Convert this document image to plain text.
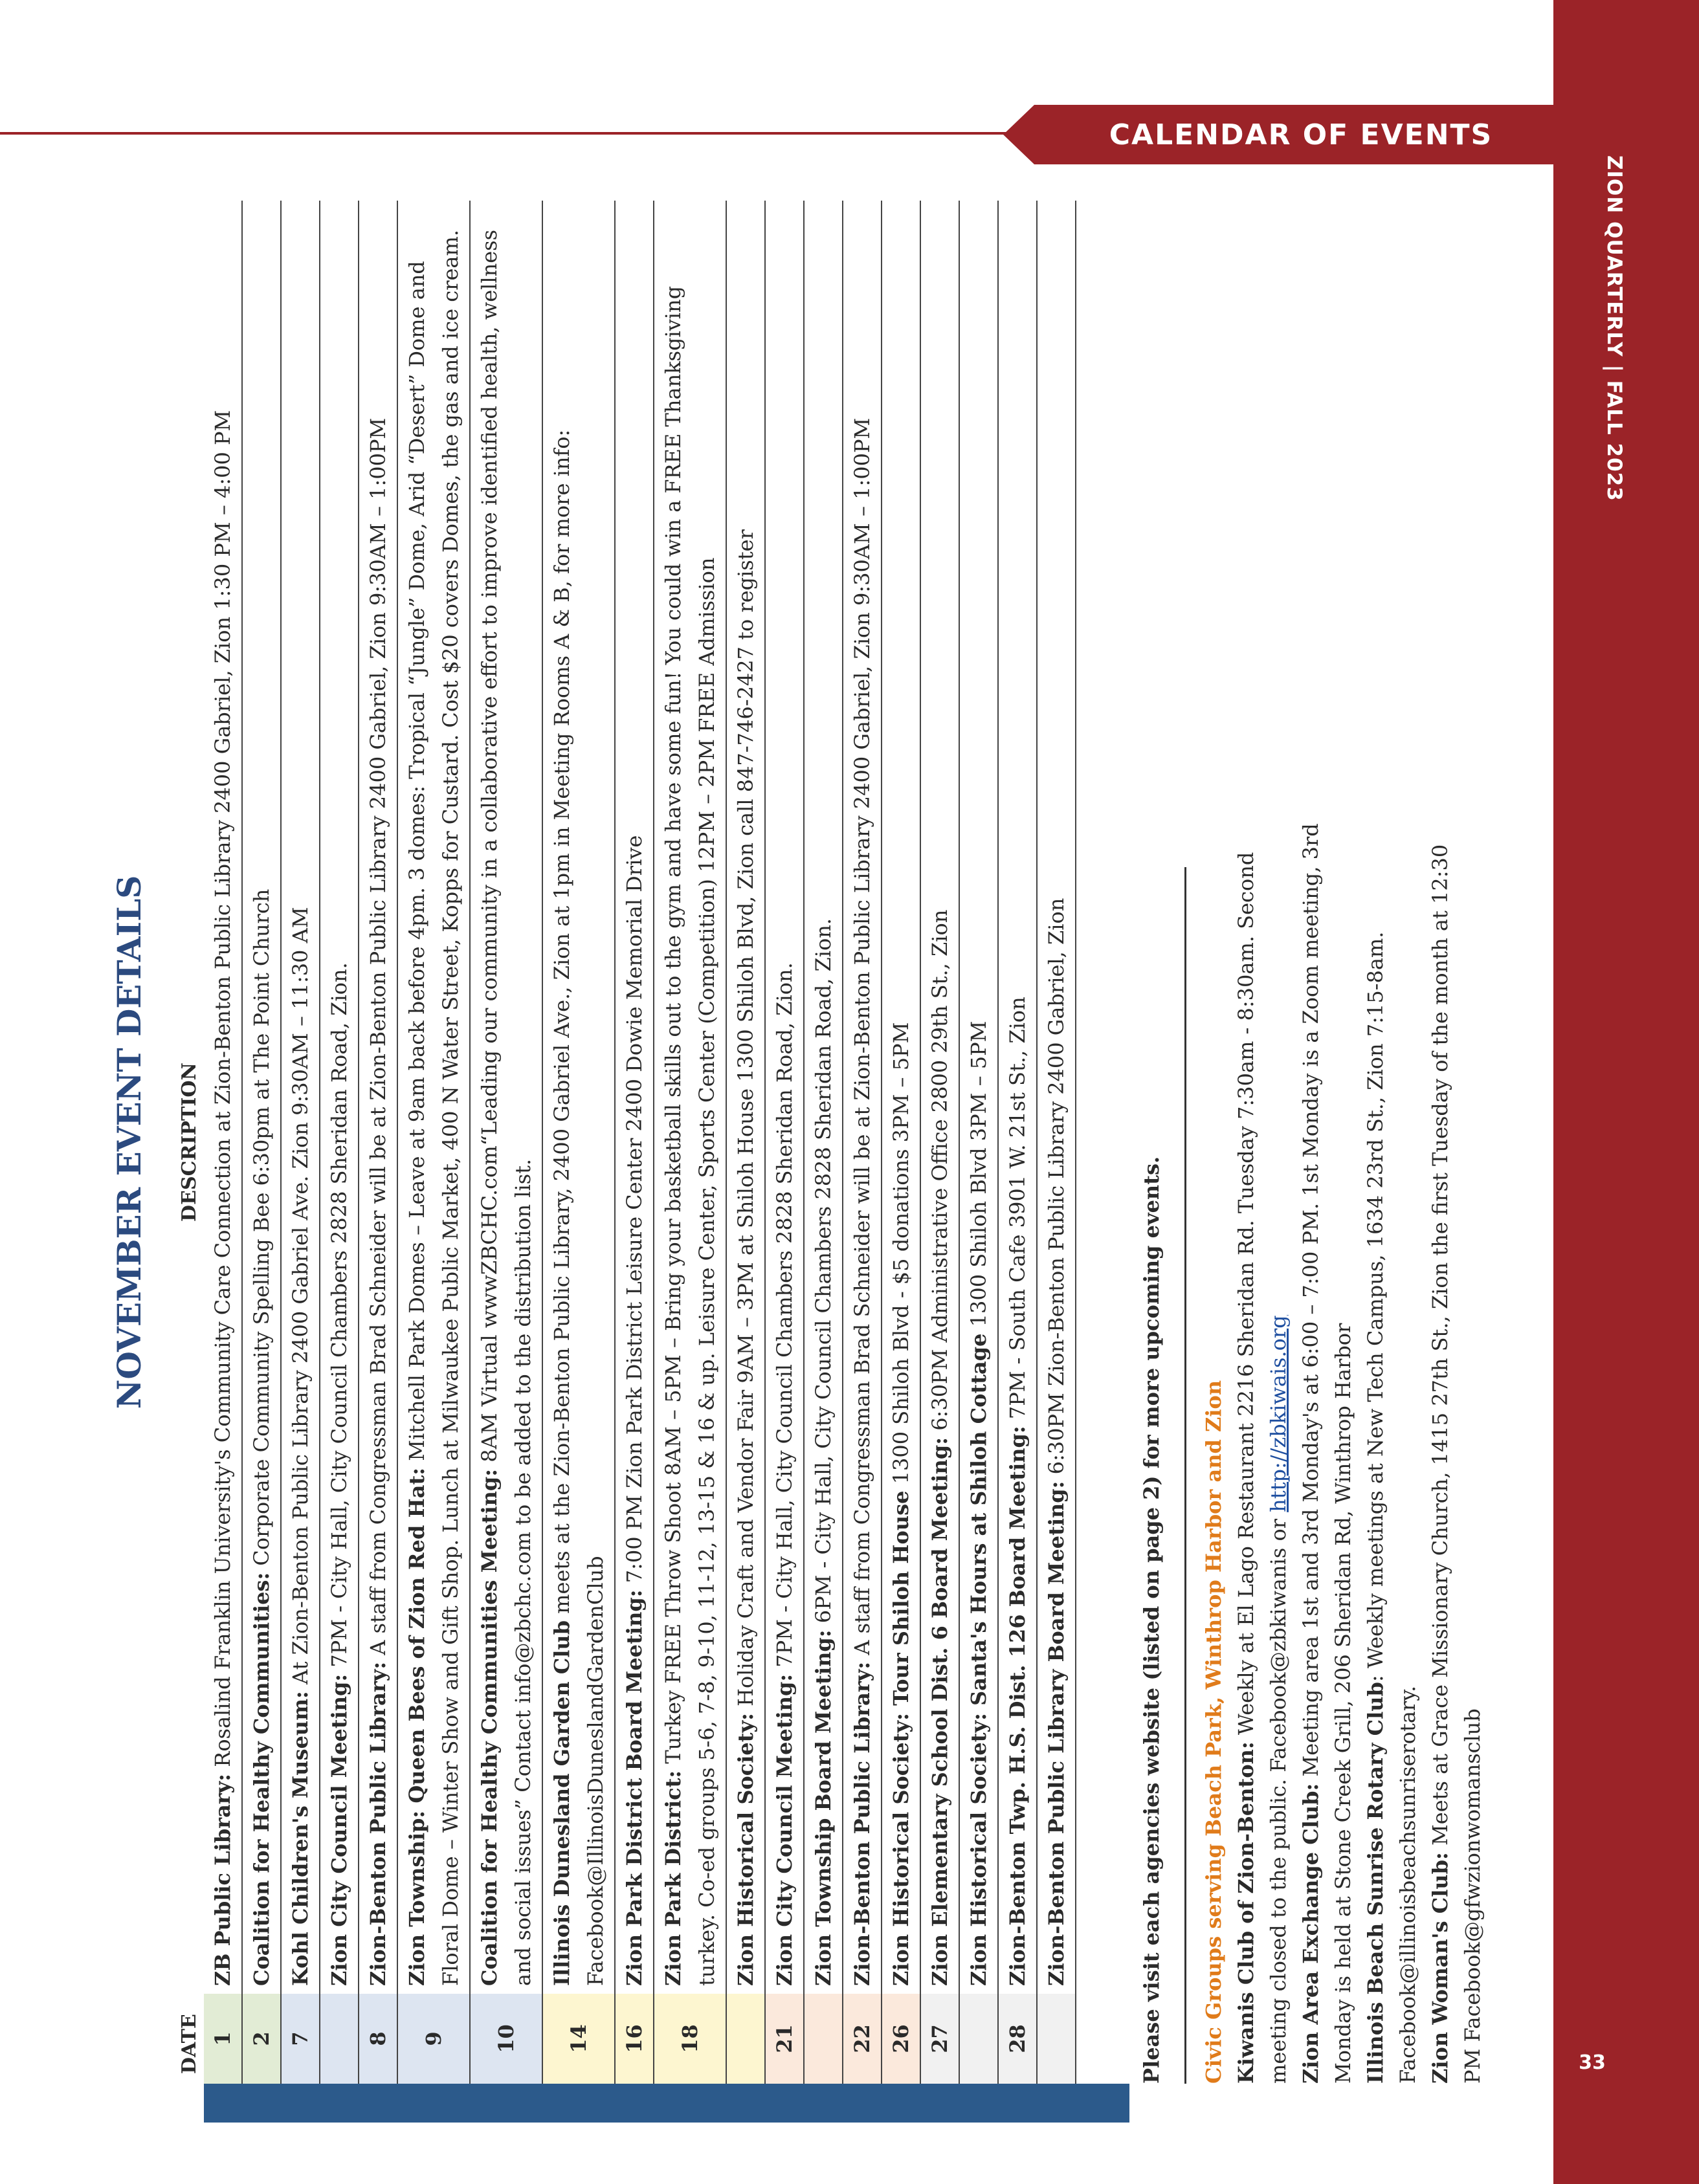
CALENDAR OF EVENTS
ZION QUARTERLY | FALL 2023
33
NOVEMBER EVENT DETAILS
DATE
DESCRIPTION
1	ZB Public Library: Rosalind Franklin University's Community Care Connection at Zion-Benton Public Library 2400 Gabriel, Zion 1:30 PM – 4:00 PM
2	Coalition for Healthy Communities: Corporate Community Spelling Bee 6:30pm at The Point Church
7	Kohl Children's Museum: At Zion-Benton Public Library 2400 Gabriel Ave. Zion 9:30AM – 11:30 AM
	Zion City Council Meeting: 7PM - City Hall, City Council Chambers 2828 Sheridan Road, Zion.
8	Zion-Benton Public Library: A staff from Congressman Brad Schneider will be at Zion-Benton Public Library 2400 Gabriel, Zion 9:30AM – 1:00PM
9	Zion Township: Queen Bees of Zion Red Hat: Mitchell Park Domes – Leave at 9am back before 4pm. 3 domes: Tropical “Jungle” Dome, Arid “Desert” Dome and Floral Dome – Winter Show and Gift Shop. Lunch at Milwaukee Public Market, 400 N Water Street, Kopps for Custard. Cost $20 covers Domes, the gas and ice cream.
10	Coalition for Healthy Communities Meeting: 8AM Virtual wwwZBCHC.com“Leading our community in a collaborative effort to improve identified health, wellness and social issues” Contact info@zbchc.com to be added to the distribution list.
14	Illinois Dunesland Garden Club meets at the Zion-Benton Public Library, 2400 Gabriel Ave., Zion at 1pm in Meeting Rooms A & B, for more info: Facebook@IllinoisDuneslandGardenClub
16	Zion Park District Board Meeting: 7:00 PM Zion Park District Leisure Center 2400 Dowie Memorial Drive
18	Zion Park District: Turkey FREE Throw Shoot 8AM – 5PM – Bring your basketball skills out to the gym and have some fun! You could win a FREE Thanksgiving turkey. Co-ed groups 5-6, 7-8, 9-10, 11-12, 13-15 & 16 & up. Leisure Center, Sports Center (Competition) 12PM – 2PM FREE Admission
	Zion Historical Society: Holiday Craft and Vendor Fair 9AM – 3PM at Shiloh House 1300 Shiloh Blvd, Zion call 847-746-2427 to register
21	Zion City Council Meeting: 7PM - City Hall, City Council Chambers 2828 Sheridan Road, Zion.
	Zion Township Board Meeting: 6PM - City Hall, City Council Chambers 2828 Sheridan Road, Zion.
22	Zion-Benton Public Library: A staff from Congressman Brad Schneider will be at Zion-Benton Public Library 2400 Gabriel, Zion 9:30AM – 1:00PM
26	Zion Historical Society: Tour Shiloh House 1300 Shiloh Blvd - $5 donations 3PM – 5PM
27	Zion Elementary School Dist. 6 Board Meeting: 6:30PM Administrative Office 2800 29th St., Zion
	Zion Historical Society: Santa's Hours at Shiloh Cottage 1300 Shiloh Blvd 3PM – 5PM
28	Zion-Benton Twp. H.S. Dist. 126 Board Meeting: 7PM - South Cafe 3901 W. 21st St., Zion
	Zion-Benton Public Library Board Meeting: 6:30PM Zion-Benton Public Library 2400 Gabriel, Zion	Please visit each agencies website (listed on page 2) for more upcoming events. Civic Groups serving Beach Park, Winthrop Harbor and Zion Kiwanis Club of Zion-Benton: Weekly at El Lago Restaurant 2216 Sheridan Rd. Tuesday 7:30am - 8:30am. Second meeting closed to the public. Facebook@zbkiwanis or http://zbkiwais.org
Zion Area Exchange Club: Meeting area 1st and 3rd Monday's at 6:00 – 7:00 PM. 1st Monday is a Zoom meeting, 3rd Monday is held at Stone Creek Grill, 206 Sheridan Rd, Winthrop Harbor Illinois Beach Sunrise Rotary Club: Weekly meetings at New Tech Campus, 1634 23rd St., Zion 7:15-8am. Facebook@illinoisbeachsunriserotary. Zion Woman's Club: Meets at Grace Missionary Church, 1415 27th St., Zion the first Tuesday of the month at 12:30 PM Facebook@gfwzionwomansclub
